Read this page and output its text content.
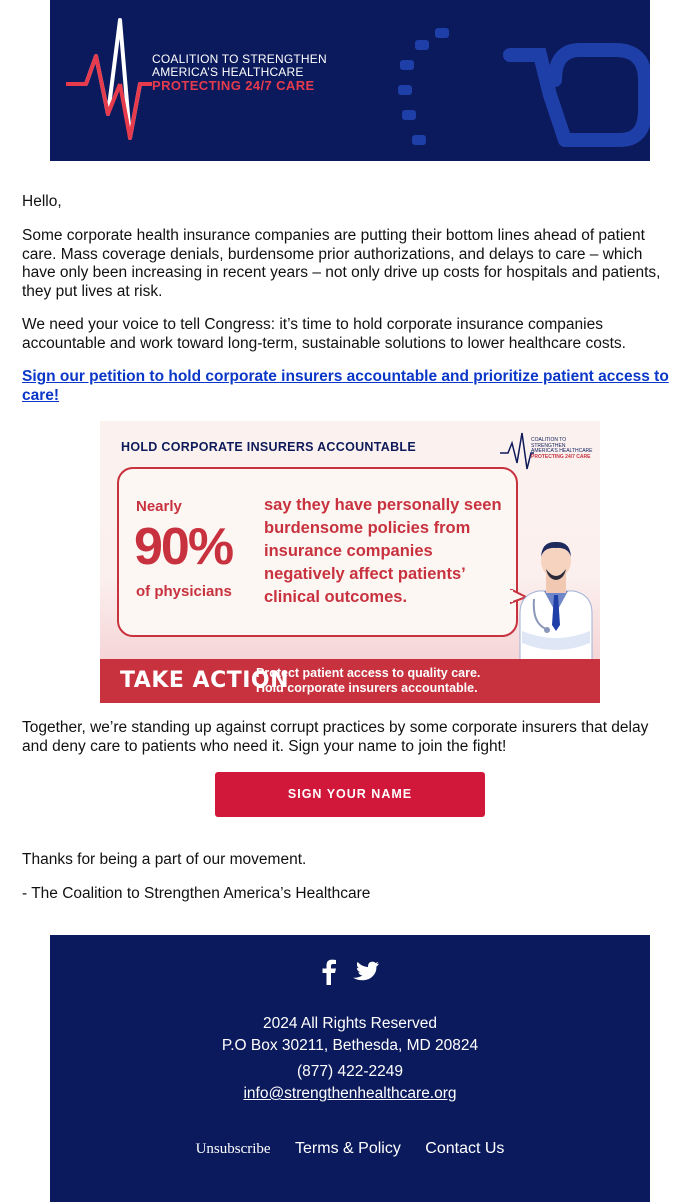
COALITION TO STRENGTHEN
AMERICA’S HEALTHCARE
PROTECTING 24/7 CARE

Hello,

Some corporate health insurance companies are putting their bottom lines ahead of patient care. Mass coverage denials, burdensome prior authorizations, and delays to care – which have only been increasing in recent years – not only drive up costs for hospitals and patients, they put lives at risk.

We need your voice to tell Congress: it’s time to hold corporate insurance companies accountable and work toward long-term, sustainable solutions to lower healthcare costs.

Sign our petition to hold corporate insurers accountable and prioritize patient access to care!
HOLD CORPORATE INSURERS ACCOUNTABLE	COALITION TO STRENGTHEN
AMERICA’S HEALTHCARE
PROTECTING 24/7 CARE
Nearly
90%
of physicians
say they have personally seen burdensome policies from insurance companies negatively affect patients’ clinical outcomes.
TAKE ACTION
Protect patient access to quality care.
Hold corporate insurers accountable.

Together, we’re standing up against corrupt practices by some corporate insurers that delay and deny care to patients who need it. Sign your name to join the fight!

SIGN YOUR NAME

Thanks for being a part of our movement.

- The Coalition to Strengthen America’s Healthcare

2024 All Rights Reserved
P.O Box 30211, Bethesda, MD 20824
(877) 422-2249
info@strengthenhealthcare.org
Unsubscribe Terms & Policy Contact Us
